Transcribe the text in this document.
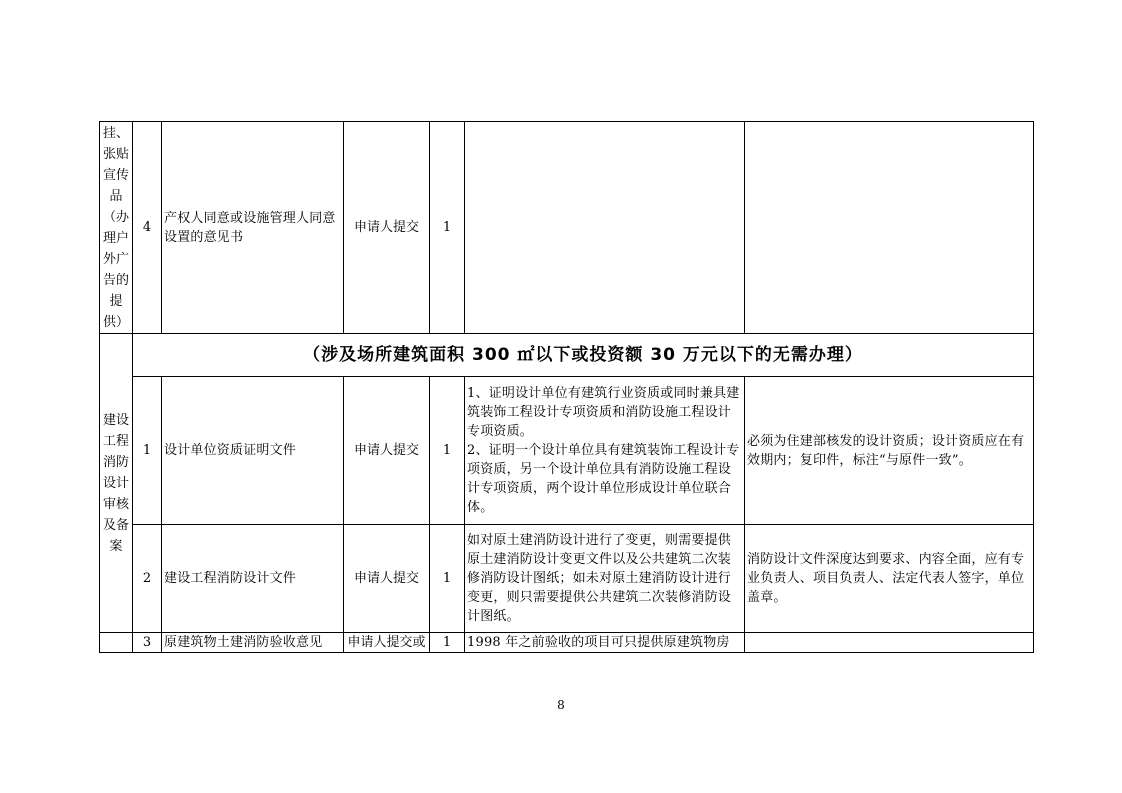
挂、张贴宣传品（办理户外广告的提供）	4	产权人同意或设施管理人同意设置的意见书	申请人提交	1		
建设工程消防设计审核及备案	（涉及场所建筑面积 300 ㎡以下或投资额 30 万元以下的无需办理）					
	1	设计单位资质证明文件	申请人提交	1	1、证明设计单位有建筑行业资质或同时兼具建筑装饰工程设计专项资质和消防设施工程设计专项资质。
2、证明一个设计单位具有建筑装饰工程设计专项资质，另一个设计单位具有消防设施工程设计专项资质，两个设计单位形成设计单位联合体。	必须为住建部核发的设计资质；设计资质应在有效期内；复印件，标注“与原件一致”。
	2	建设工程消防设计文件	申请人提交	1	如对原土建消防设计进行了变更，则需要提供原土建消防设计变更文件以及公共建筑二次装修消防设计图纸；如未对原土建消防设计进行变更，则只需要提供公共建筑二次装修消防设计图纸。	消防设计文件深度达到要求、内容全面，应有专业负责人、项目负责人、法定代表人签字，单位盖章。
	3	原建筑物土建消防验收意见	申请人提交或	1	1998 年之前验收的项目可只提供原建筑物房	
8
